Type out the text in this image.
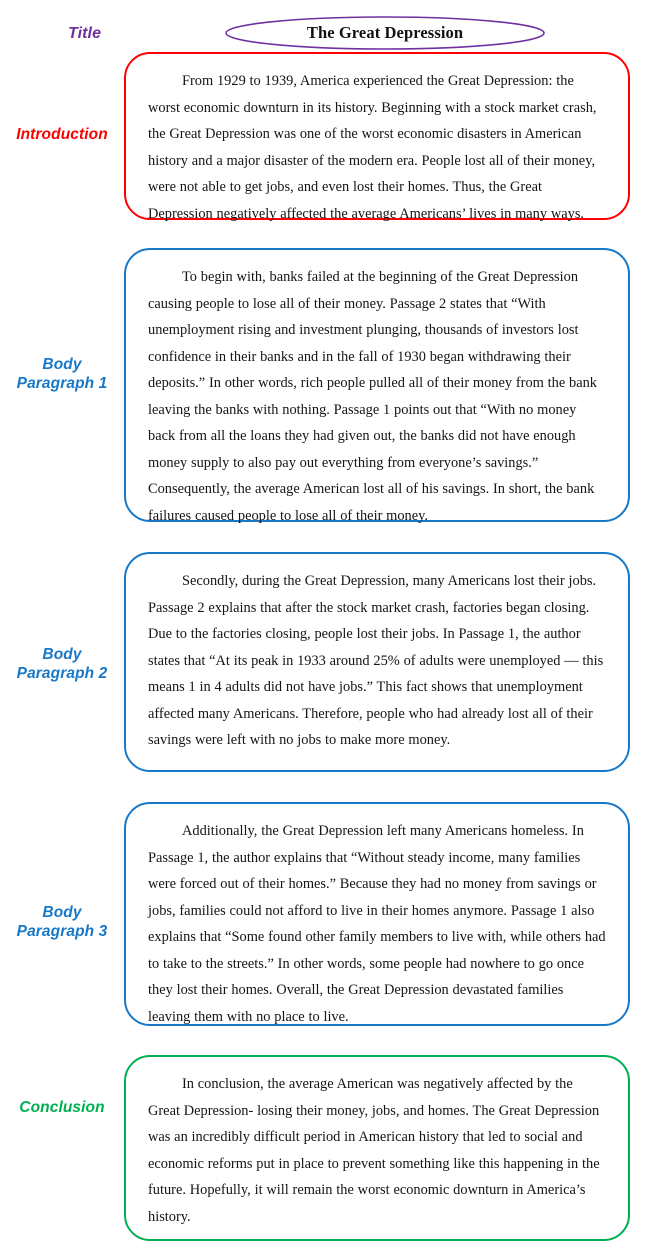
Title	The Great Depression
Introduction

From 1929 to 1939, America experienced the Great Depression: the worst economic downturn in its history. Beginning with a stock market crash, the Great Depression was one of the worst economic disasters in American history and a major disaster of the modern era. People lost all of their money, were not able to get jobs, and even lost their homes. Thus, the Great Depression negatively affected the average Americans’ lives in many ways.

Body
Paragraph 1

To begin with, banks failed at the beginning of the Great Depression causing people to lose all of their money. Passage 2 states that “With unemployment rising and investment plunging, thousands of investors lost confidence in their banks and in the fall of 1930 began withdrawing their deposits.” In other words, rich people pulled all of their money from the bank leaving the banks with nothing. Passage 1 points out that “With no money back from all the loans they had given out, the banks did not have enough money supply to also pay out everything from everyone’s savings.” Consequently, the average American lost all of his savings. In short, the bank failures caused people to lose all of their money.

Body
Paragraph 2

Secondly, during the Great Depression, many Americans lost their jobs. Passage 2 explains that after the stock market crash, factories began closing. Due to the factories closing, people lost their jobs. In Passage 1, the author states that “At its peak in 1933 around 25% of adults were unemployed — this means 1 in 4 adults did not have jobs.” This fact shows that unemployment affected many Americans. Therefore, people who had already lost all of their savings were left with no jobs to make more money.

Body
Paragraph 3

Additionally, the Great Depression left many Americans homeless. In Passage 1, the author explains that “Without steady income, many families were forced out of their homes.” Because they had no money from savings or jobs, families could not afford to live in their homes anymore. Passage 1 also explains that “Some found other family members to live with, while others had to take to the streets.” In other words, some people had nowhere to go once they lost their homes. Overall, the Great Depression devastated families leaving them with no place to live.

Conclusion

In conclusion, the average American was negatively affected by the Great Depression- losing their money, jobs, and homes. The Great Depression was an incredibly difficult period in American history that led to social and economic reforms put in place to prevent something like this happening in the future. Hopefully, it will remain the worst economic downturn in America’s history.
